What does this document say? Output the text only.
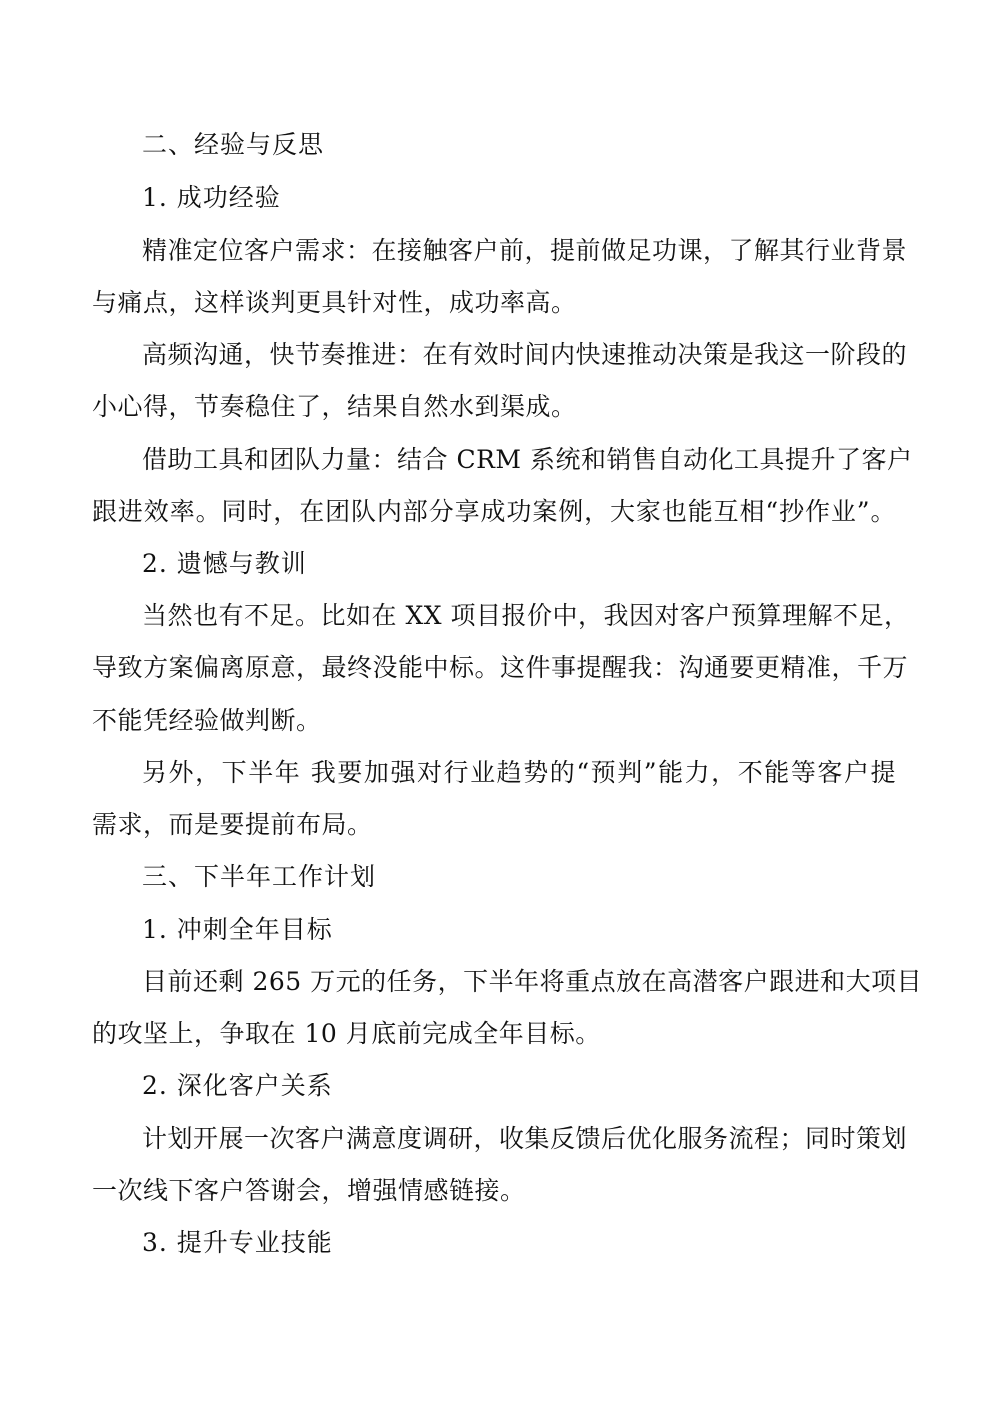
二、经验与反思
1. 成功经验
精准定位客户需求：在接触客户前，提前做足功课，了解其行业背景
与痛点，这样谈判更具针对性，成功率高。
高频沟通，快节奏推进：在有效时间内快速推动决策是我这一阶段的
小心得，节奏稳住了，结果自然水到渠成。
借助工具和团队力量：结合 CRM 系统和销售自动化工具提升了客户
跟进效率。同时，在团队内部分享成功案例，大家也能互相“抄作业”。
2. 遗憾与教训
当然也有不足。比如在 XX 项目报价中，我因对客户预算理解不足，
导致方案偏离原意，最终没能中标。这件事提醒我：沟通要更精准，千万
不能凭经验做判断。
另外，下半年 我要加强对行业趋势的“预判”能力，不能等客户提
需求，而是要提前布局。
三、下半年工作计划
1. 冲刺全年目标
目前还剩 265 万元的任务，下半年将重点放在高潜客户跟进和大项目
的攻坚上，争取在 10 月底前完成全年目标。
2. 深化客户关系
计划开展一次客户满意度调研，收集反馈后优化服务流程；同时策划
一次线下客户答谢会，增强情感链接。
3. 提升专业技能
